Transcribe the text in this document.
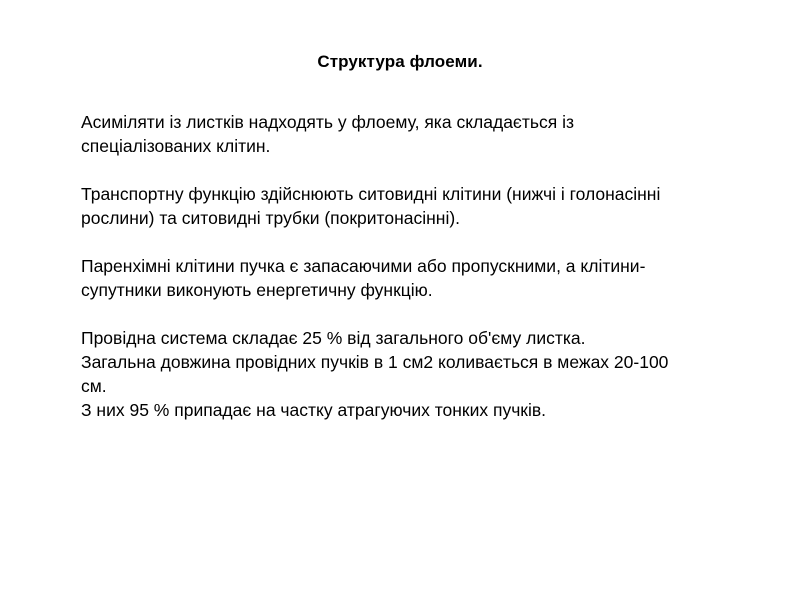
Структура флоеми.

Асиміляти із листків надходять у флоему, яка складається із
спеціалізованих клітин.

Транспортну функцію здійснюють ситовидні клітини (нижчі і голонасінні
рослини) та ситовидні трубки (покритонасінні).

Паренхімні клітини пучка є запасаючими або пропускними, а клітини-
супутники виконують енергетичну функцію.

Провідна система складає 25 % від загального об'єму листка.
Загальна довжина провідних пучків в 1 см2 коливається в межах 20-100
см.
З них 95 % припадає на частку атрагуючих тонких пучків.
